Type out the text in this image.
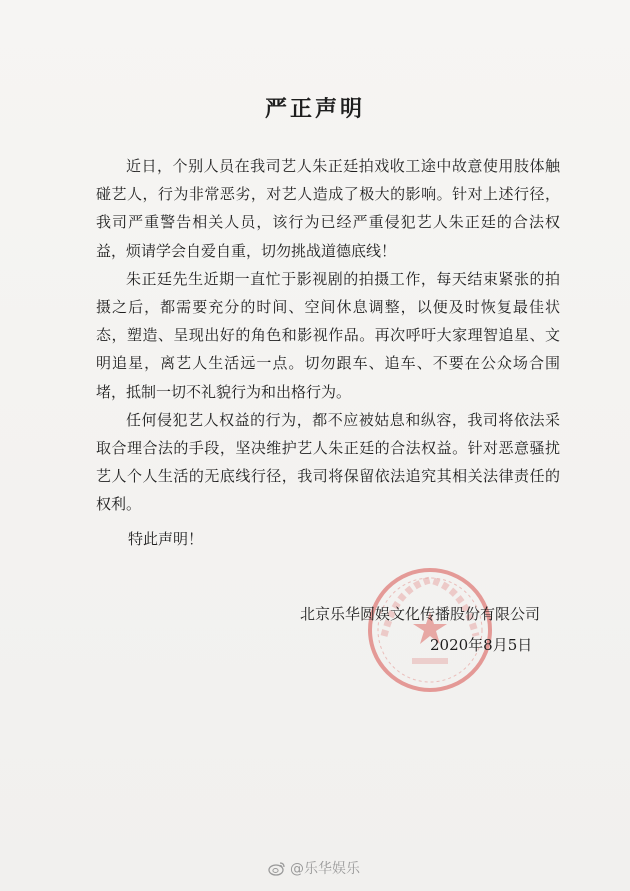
严正声明

近日，个别人员在我司艺人朱正廷拍戏收工途中故意使用肢体触碰艺人，行为非常恶劣，对艺人造成了极大的影响。针对上述行径，我司严重警告相关人员，该行为已经严重侵犯艺人朱正廷的合法权益，烦请学会自爱自重，切勿挑战道德底线！

朱正廷先生近期一直忙于影视剧的拍摄工作，每天结束紧张的拍摄之后，都需要充分的时间、空间休息调整，以便及时恢复最佳状态，塑造、呈现出好的角色和影视作品。再次呼吁大家理智追星、文明追星，离艺人生活远一点。切勿跟车、追车、不要在公众场合围堵，抵制一切不礼貌行为和出格行为。

任何侵犯艺人权益的行为，都不应被姑息和纵容，我司将依法采取合理合法的手段，坚决维护艺人朱正廷的合法权益。针对恶意骚扰艺人个人生活的无底线行径，我司将保留依法追究其相关法律责任的权利。

特此声明！
北京乐华圆娱文化传播股份有限公司
2020年8月5日
@乐华娱乐
